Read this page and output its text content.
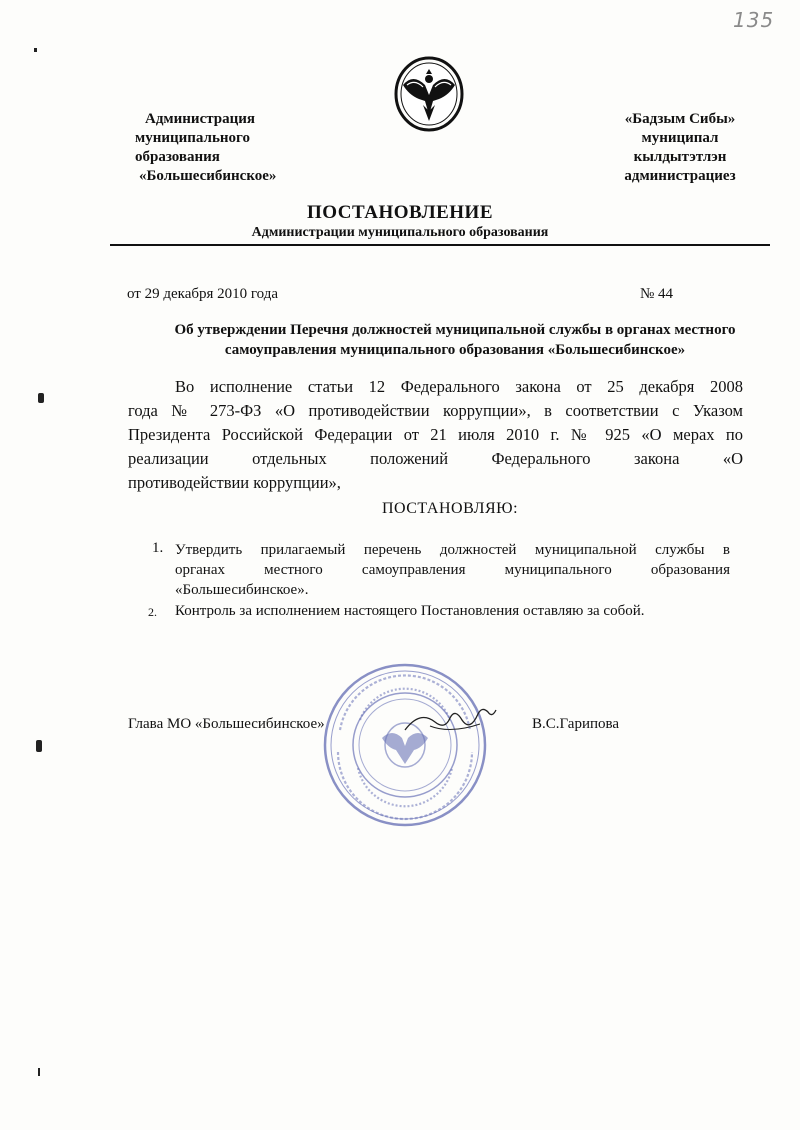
135
Администрация
муниципального
образования
«Большесибинское»
«Бадзым Сибы»
муниципал
кылдытэтлэн
администрациез
ПОСТАНОВЛЕНИЕ
Администрации муниципального образования
от 29 декабря 2010 года	№ 44
Об утверждении Перечня должностей муниципальной службы в органах местного
самоуправления муниципального образования «Большесибинское»
Во исполнение статьи 12 Федерального закона от 25 декабря 2008
года № 273-ФЗ «О противодействии коррупции», в соответствии с Указом
Президента Российской Федерации от 21 июля 2010 г. № 925 «О мерах по
реализации отдельных положений Федерального закона «О
противодействии коррупции»,
ПОСТАНОВЛЯЮ:
1. Утвердить прилагаемый перечень должностей муниципальной службы в
органах местного самоуправления муниципального образования
«Большесибинское».
2. Контроль за исполнением настоящего Постановления оставляю за собой.
Глава МО «Большесибинское»	В.С.Гарипова
